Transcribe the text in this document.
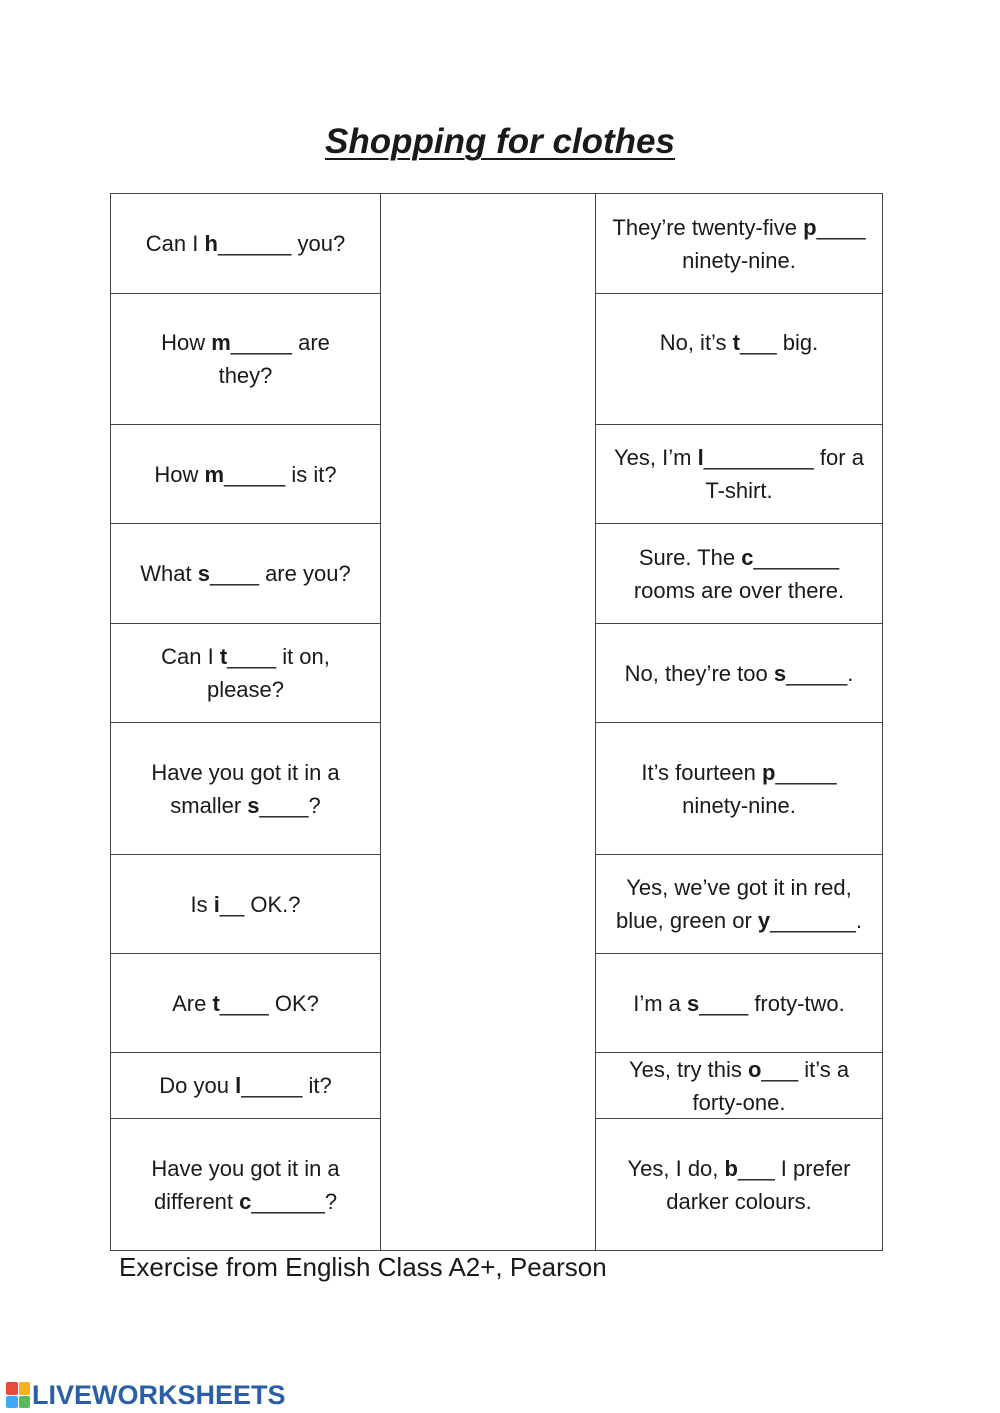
Shopping for clothes
Can I h______ you?
How m_____ are they?
How m_____ is it?
What s____ are you?
Can I t____ it on, please?
Have you got it in a smaller s____?
Is i__ OK.?
Are t____ OK?
Do you l_____ it?
Have you got it in a different c______?
They’re twenty-five p____ ninety-nine.
No, it’s t___ big.
Yes, I’m l_________ for a T-shirt.
Sure. The c_______ rooms are over there.
No, they’re too s_____.
It’s fourteen p_____ ninety-nine.
Yes, we’ve got it in red, blue, green or y_______.
I’m a s____ froty-two.
Yes, try this o___ it’s a forty-one.
Yes, I do, b___ I prefer darker colours.
Exercise from English Class A2+, Pearson
LIVEWORKSHEETS
